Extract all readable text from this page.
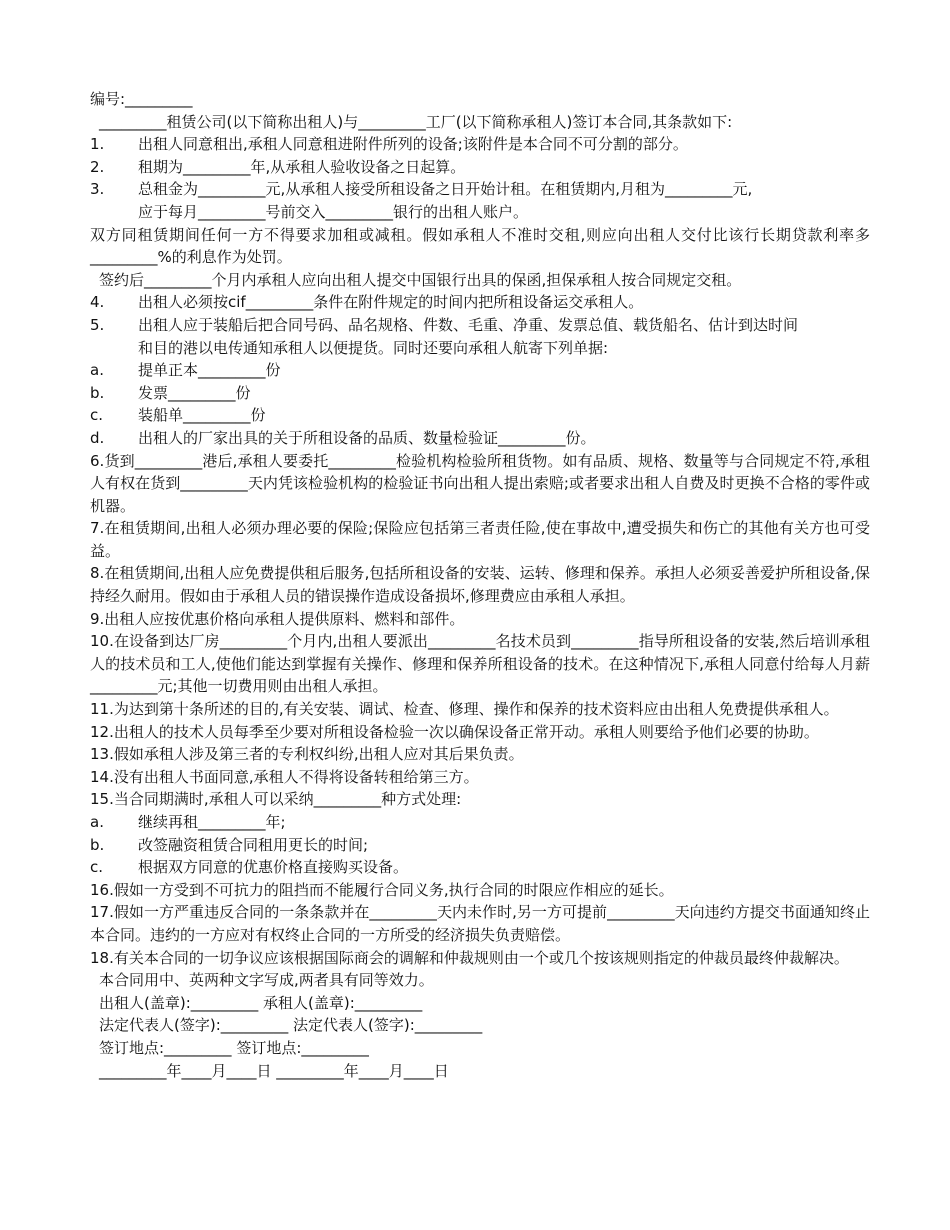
编号:_________
_________租赁公司(以下简称出租人)与_________工厂(以下简称承租人)签订本合同,其条款如下:
1.	出租人同意租出,承租人同意租进附件所列的设备;该附件是本合同不可分割的部分。
2.	租期为_________年,从承租人验收设备之日起算。
3.	总租金为_________元,从承租人接受所租设备之日开始计租。在租赁期内,月租为_________元,
应于每月_________号前交入_________银行的出租人账户。
双方同租赁期间任何一方不得要求加租或减租。假如承租人不准时交租,则应向出租人交付比该行长期贷款利率多_________%的利息作为处罚。
签约后_________个月内承租人应向出租人提交中国银行出具的保函,担保承租人按合同规定交租。
4.	出租人必须按cif_________条件在附件规定的时间内把所租设备运交承租人。
5.	出租人应于装船后把合同号码、品名规格、件数、毛重、净重、发票总值、载货船名、估计到达时间
和目的港以电传通知承租人以便提货。同时还要向承租人航寄下列单据:
a.	提单正本_________份
b.	发票_________份
c.	装船单_________份
d.	出租人的厂家出具的关于所租设备的品质、数量检验证_________份。
6.货到_________港后,承租人要委托_________检验机构检验所租货物。如有品质、规格、数量等与合同规定不符,承租人有权在货到_________天内凭该检验机构的检验证书向出租人提出索赔;或者要求出租人自费及时更换不合格的零件或机器。
7.在租赁期间,出租人必须办理必要的保险;保险应包括第三者责任险,使在事故中,遭受损失和伤亡的其他有关方也可受益。
8.在租赁期间,出租人应免费提供租后服务,包括所租设备的安装、运转、修理和保养。承担人必须妥善爱护所租设备,保持经久耐用。假如由于承租人员的错误操作造成设备损坏,修理费应由承租人承担。
9.出租人应按优惠价格向承租人提供原料、燃料和部件。
10.在设备到达厂房_________个月内,出租人要派出_________名技术员到_________指导所租设备的安装,然后培训承租人的技术员和工人,使他们能达到掌握有关操作、修理和保养所租设备的技术。在这种情况下,承租人同意付给每人月薪_________元;其他一切费用则由出租人承担。
11.为达到第十条所述的目的,有关安装、调试、检查、修理、操作和保养的技术资料应由出租人免费提供承租人。
12.出租人的技术人员每季至少要对所租设备检验一次以确保设备正常开动。承租人则要给予他们必要的协助。
13.假如承租人涉及第三者的专利权纠纷,出租人应对其后果负责。
14.没有出租人书面同意,承租人不得将设备转租给第三方。
15.当合同期满时,承租人可以采纳_________种方式处理:
a.	继续再租_________年;
b.	改签融资租赁合同租用更长的时间;
c.	根据双方同意的优惠价格直接购买设备。
16.假如一方受到不可抗力的阻挡而不能履行合同义务,执行合同的时限应作相应的延长。
17.假如一方严重违反合同的一条条款并在_________天内未作时,另一方可提前_________天向违约方提交书面通知终止本合同。违约的一方应对有权终止合同的一方所受的经济损失负责赔偿。
18.有关本合同的一切争议应该根据国际商会的调解和仲裁规则由一个或几个按该规则指定的仲裁员最终仲裁解决。
本合同用中、英两种文字写成,两者具有同等效力。
出租人(盖章):_________ 承租人(盖章):_________
法定代表人(签字):_________ 法定代表人(签字):_________
签订地点:_________ 签订地点:_________
_________年____月____日 _________年____月____日
